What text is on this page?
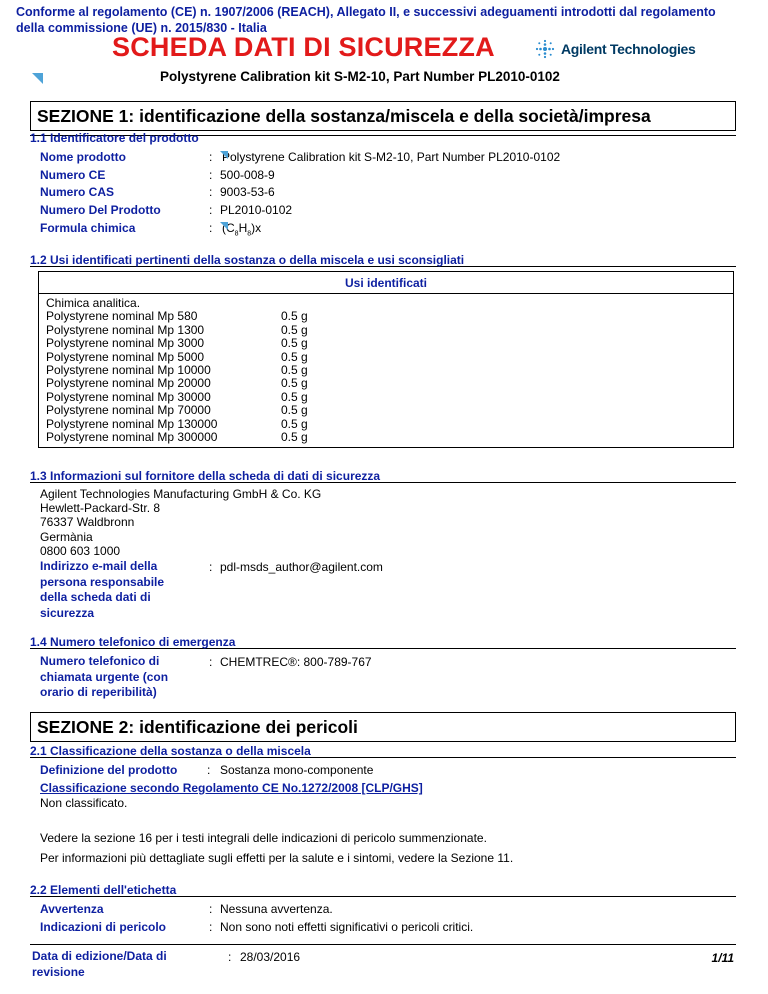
Conforme al regolamento (CE) n. 1907/2006 (REACH), Allegato II, e successivi adeguamenti introdotti dal regolamento della commissione (UE) n. 2015/830 - Italia
SCHEDA DATI DI SICUREZZA	Agilent Technologies
Polystyrene Calibration kit S-M2-10, Part Number PL2010-0102
SEZIONE 1: identificazione della sostanza/miscela e della società/impresa
1.1 Identificatore del prodotto
Nome prodotto	: Polystyrene Calibration kit S-M2-10, Part Number PL2010-0102
Numero CE	: 500-008-9
Numero CAS	: 9003-53-6
Numero Del Prodotto	: PL2010-0102
Formula chimica	: $(C_8H_8)x$
1.2 Usi identificati pertinenti della sostanza o della miscela e usi sconsigliati
Usi identificati
Chimica analitica.
Polystyrene nominal Mp 580	0.5 g
Polystyrene nominal Mp 1300	0.5 g
Polystyrene nominal Mp 3000	0.5 g
Polystyrene nominal Mp 5000	0.5 g
Polystyrene nominal Mp 10000	0.5 g
Polystyrene nominal Mp 20000	0.5 g
Polystyrene nominal Mp 30000	0.5 g
Polystyrene nominal Mp 70000	0.5 g
Polystyrene nominal Mp 130000	0.5 g
Polystyrene nominal Mp 300000	0.5 g
1.3 Informazioni sul fornitore della scheda di dati di sicurezza
Agilent Technologies Manufacturing GmbH & Co. KG
Hewlett-Packard-Str. 8
76337 Waldbronn
Germània
0800 603 1000
Indirizzo e-mail della
persona responsabile
della scheda dati di
sicurezza
: pdl-msds_author@agilent.com
1.4 Numero telefonico di emergenza
Numero telefonico di
chiamata urgente (con
orario di reperibilità)
: CHEMTREC®: 800-789-767
SEZIONE 2: identificazione dei pericoli
2.1 Classificazione della sostanza o della miscela
Definizione del prodotto : Sostanza mono-componente
Classificazione secondo Regolamento CE No.1272/2008 [CLP/GHS]
Non classificato.
Vedere la sezione 16 per i testi integrali delle indicazioni di pericolo summenzionate.
Per informazioni più dettagliate sugli effetti per la salute e i sintomi, vedere la Sezione 11.
2.2 Elementi dell'etichetta
Avvertenza	: Nessuna avvertenza.
Indicazioni di pericolo	: Non sono noti effetti significativi o pericoli critici.
Data di edizione/Data di
revisione
: 28/03/2016	1/11
